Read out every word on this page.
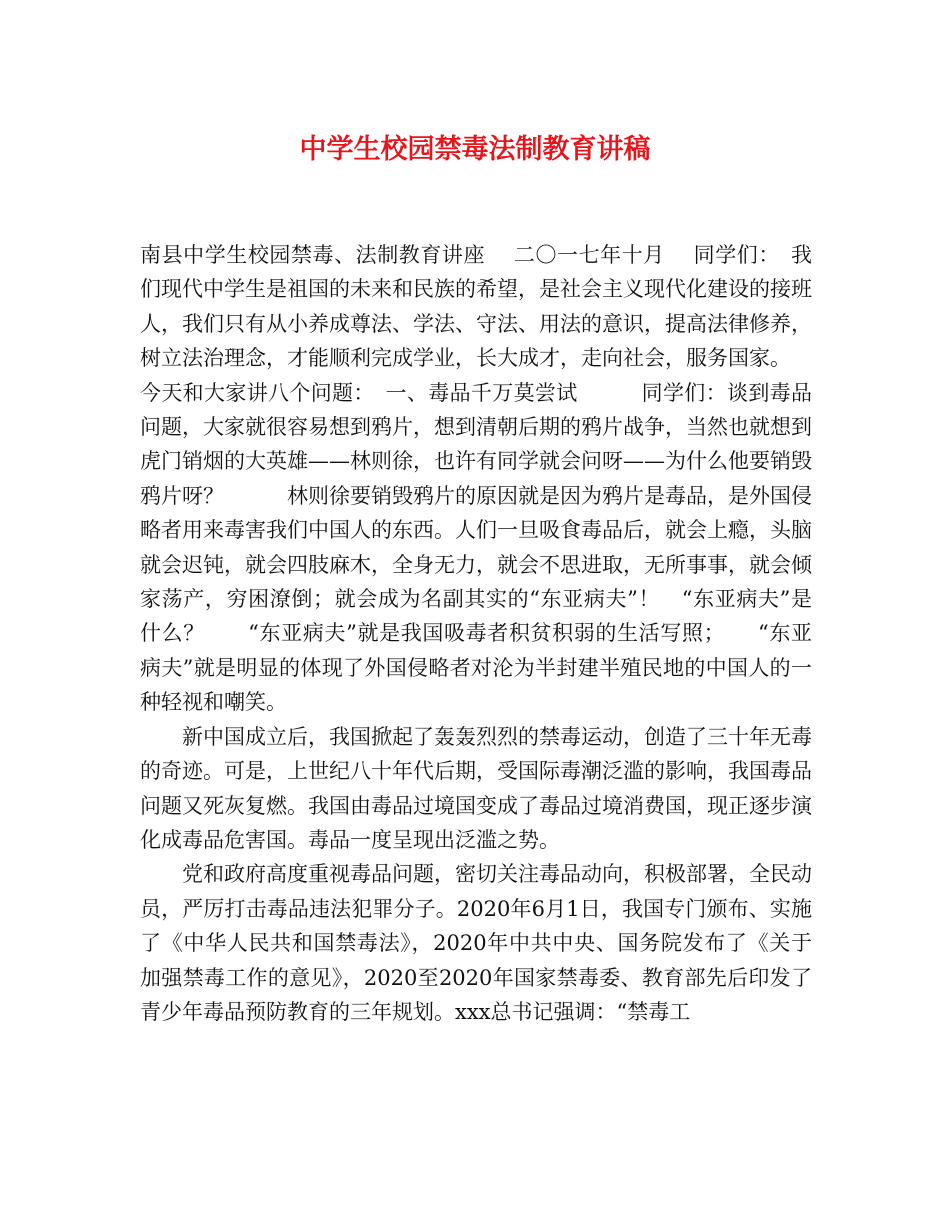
中学生校园禁毒法制教育讲稿

南县中学生校园禁毒、法制教育讲座　 二〇一七年十月　 同学们：　我们现代中学生是祖国的未来和民族的希望，是社会主义现代化建设的接班人，我们只有从小养成尊法、学法、守法、用法的意识，提高法律修养，树立法治理念，才能顺利完成学业，长大成才，走向社会，服务国家。

今天和大家讲八个问题：　一、毒品千万莫尝试　　　同学们：谈到毒品问题，大家就很容易想到鸦片，想到清朝后期的鸦片战争，当然也就想到虎门销烟的大英雄——林则徐，也许有同学就会问呀——为什么他要销毁鸦片呀？　　　林则徐要销毁鸦片的原因就是因为鸦片是毒品，是外国侵略者用来毒害我们中国人的东西。人们一旦吸食毒品后，就会上瘾，头脑就会迟钝，就会四肢麻木，全身无力，就会不思进取，无所事事，就会倾家荡产，穷困潦倒；就会成为名副其实的“东亚病夫”！　“东亚病夫”是什么？　　“东亚病夫”就是我国吸毒者积贫积弱的生活写照；　　“东亚病夫”就是明显的体现了外国侵略者对沦为半封建半殖民地的中国人的一种轻视和嘲笑。

新中国成立后，我国掀起了轰轰烈烈的禁毒运动，创造了三十年无毒的奇迹。可是，上世纪八十年代后期，受国际毒潮泛滥的影响，我国毒品问题又死灰复燃。我国由毒品过境国变成了毒品过境消费国，现正逐步演化成毒品危害国。毒品一度呈现出泛滥之势。

党和政府高度重视毒品问题，密切关注毒品动向，积极部署，全民动员，严厉打击毒品违法犯罪分子。2020年6月1日，我国专门颁布、实施了《中华人民共和国禁毒法》，2020年中共中央、国务院发布了《关于加强禁毒工作的意见》，2020至2020年国家禁毒委、教育部先后印发了青少年毒品预防教育的三年规划。xxx总书记强调：“禁毒工
